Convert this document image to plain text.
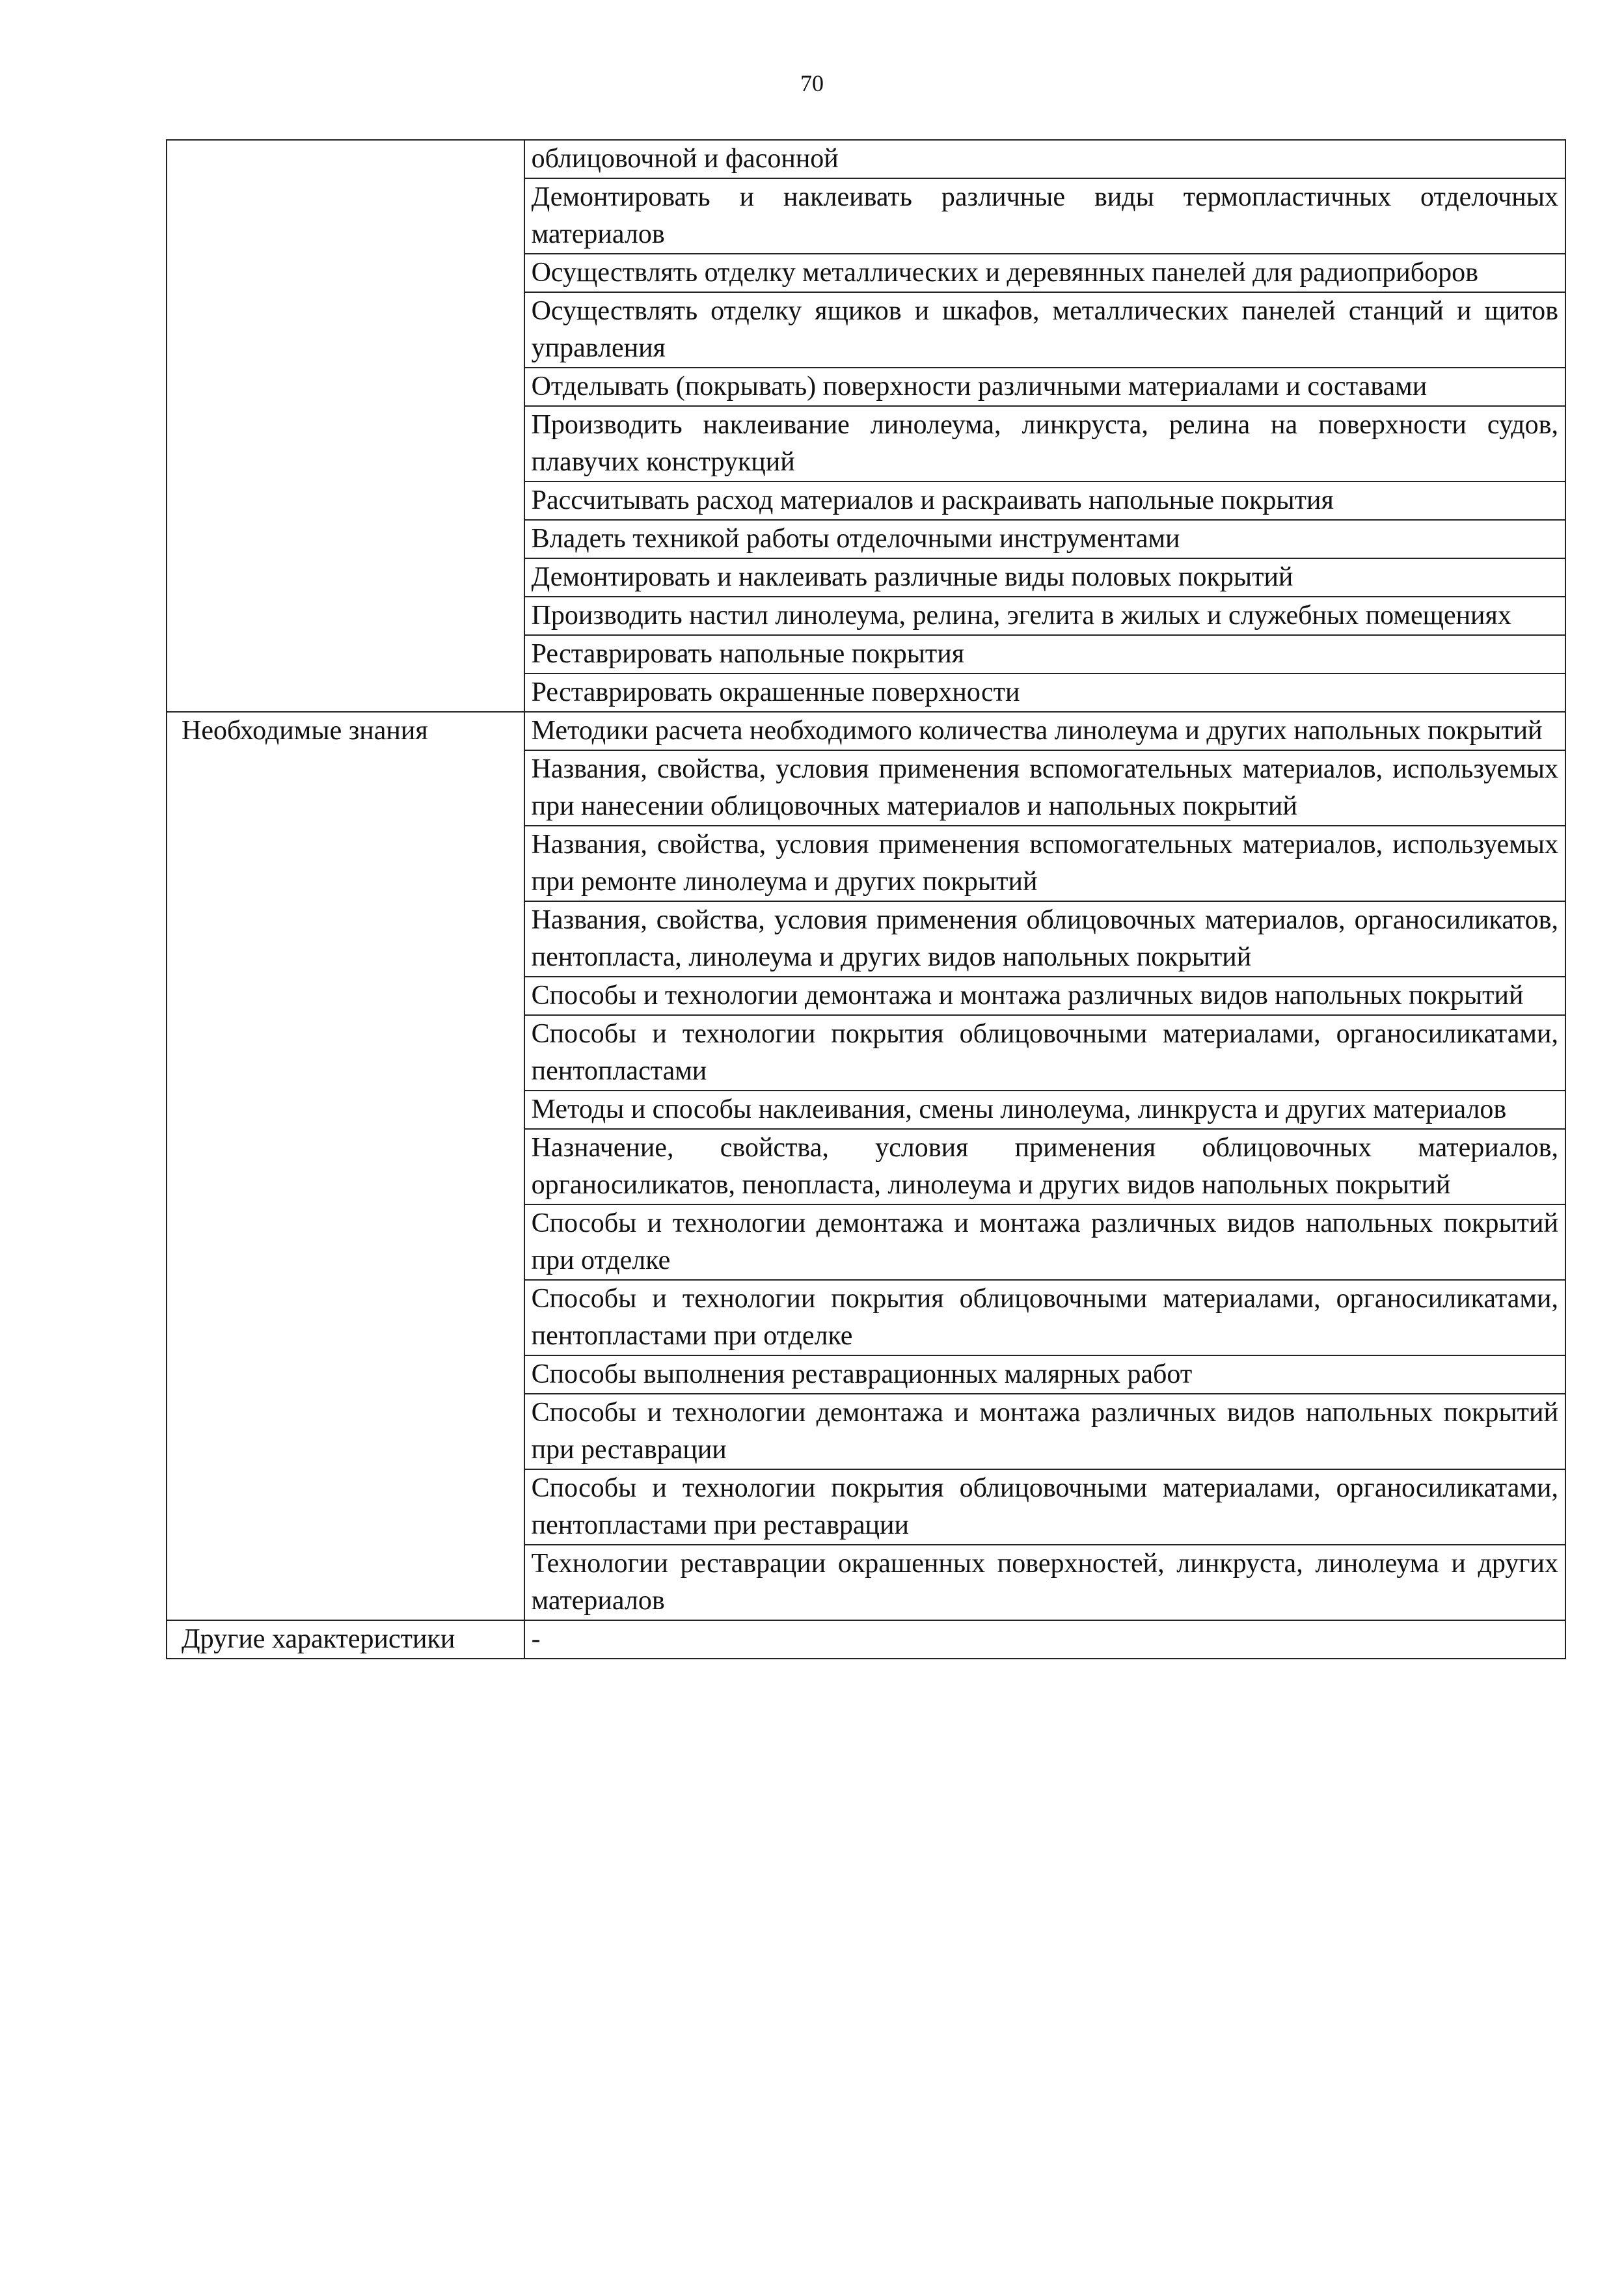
70
	облицовочной и фасонной
	Демонтировать и наклеивать различные виды термопластичных отделочных материалов
	Осуществлять отделку металлических и деревянных панелей для радиоприборов
	Осуществлять отделку ящиков и шкафов, металлических панелей станций и щитов управления
	Отделывать (покрывать) поверхности различными материалами и составами
	Производить наклеивание линолеума, линкруста, релина на поверхности судов, плавучих конструкций
	Рассчитывать расход материалов и раскраивать напольные покрытия
	Владеть техникой работы отделочными инструментами
	Демонтировать и наклеивать различные виды половых покрытий
	Производить настил линолеума, релина, эгелита в жилых и служебных помещениях
	Реставрировать напольные покрытия
	Реставрировать окрашенные поверхности
Необходимые знания	Методики расчета необходимого количества линолеума и других напольных покрытий
	Названия, свойства, условия применения вспомогательных материалов, используемых при нанесении облицовочных материалов и напольных покрытий
	Названия, свойства, условия применения вспомогательных материалов, используемых при ремонте линолеума и других покрытий
	Названия, свойства, условия применения облицовочных материалов, органосиликатов, пентопласта, линолеума и других видов напольных покрытий
	Способы и технологии демонтажа и монтажа различных видов напольных покрытий
	Способы и технологии покрытия облицовочными материалами, органосиликатами, пентопластами
	Методы и способы наклеивания, смены линолеума, линкруста и других материалов
	Назначение, свойства, условия применения облицовочных материалов, органосиликатов, пенопласта, линолеума и других видов напольных покрытий
	Способы и технологии демонтажа и монтажа различных видов напольных покрытий при отделке
	Способы и технологии покрытия облицовочными материалами, органосиликатами, пентопластами при отделке
	Способы выполнения реставрационных малярных работ
	Способы и технологии демонтажа и монтажа различных видов напольных покрытий при реставрации
	Способы и технологии покрытия облицовочными материалами, органосиликатами, пентопластами при реставрации
	Технологии реставрации окрашенных поверхностей, линкруста, линолеума и других материалов
Другие характеристики	-
